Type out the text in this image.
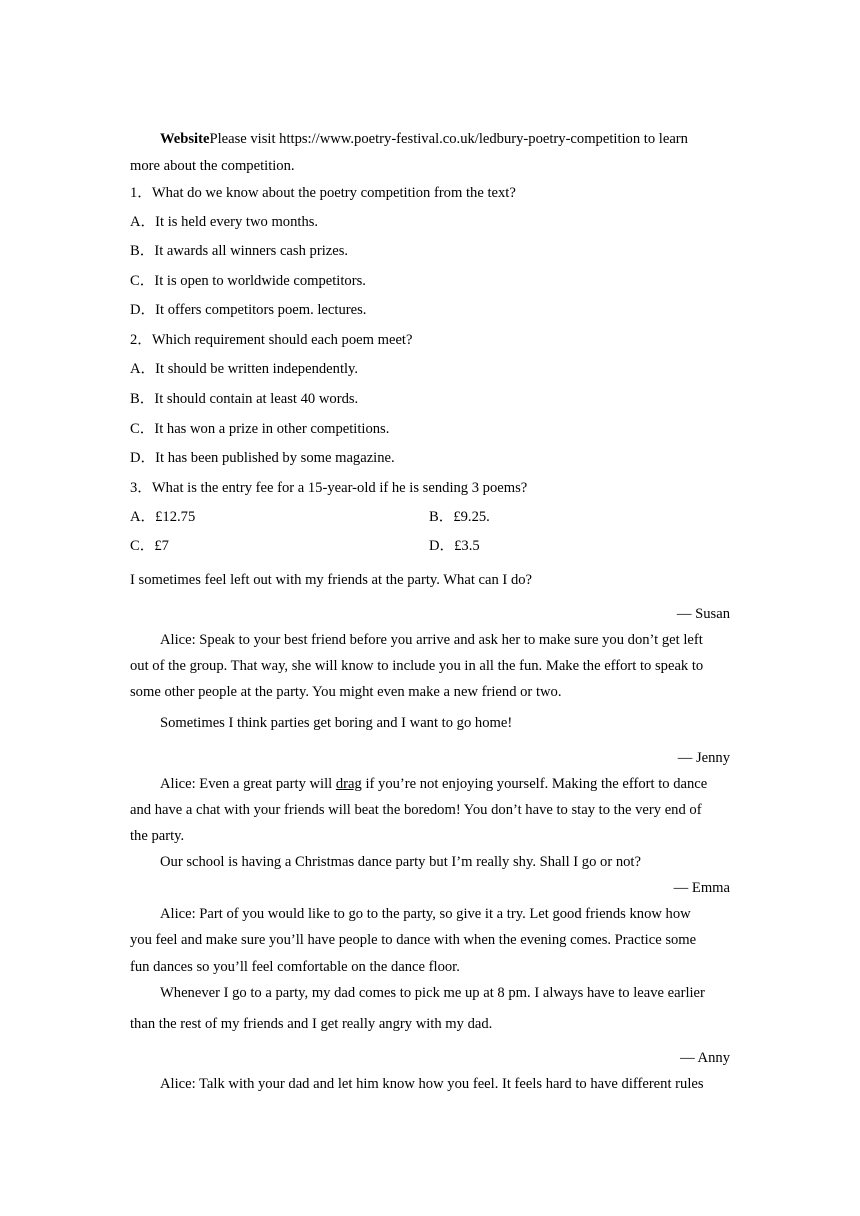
WebsitePlease visit https://www.poetry-festival.co.uk/ledbury-poetry-competition to learn
more about the competition.
1．What do we know about the poetry competition from the text?
A．It is held every two months.
B．It awards all winners cash prizes.
C．It is open to worldwide competitors.
D．It offers competitors poem. lectures.
2．Which requirement should each poem meet?
A．It should be written independently.
B．It should contain at least 40 words.
C．It has won a prize in other competitions.
D．It has been published by some magazine.
3．What is the entry fee for a 15-year-old if he is sending 3 poems?
A．£12.75	B．£9.25.
C．£7	D．£3.5
I sometimes feel left out with my friends at the party. What can I do?
— Susan
Alice: Speak to your best friend before you arrive and ask her to make sure you don’t get left
out of the group. That way, she will know to include you in all the fun. Make the effort to speak to
some other people at the party. You might even make a new friend or two.
Sometimes I think parties get boring and I want to go home!
— Jenny
Alice: Even a great party will drag if you’re not enjoying yourself. Making the effort to dance
and have a chat with your friends will beat the boredom! You don’t have to stay to the very end of
the party.
Our school is having a Christmas dance party but I’m really shy. Shall I go or not?
— Emma
Alice: Part of you would like to go to the party, so give it a try. Let good friends know how
you feel and make sure you’ll have people to dance with when the evening comes. Practice some
fun dances so you’ll feel comfortable on the dance floor.
Whenever I go to a party, my dad comes to pick me up at 8 pm. I always have to leave earlier
than the rest of my friends and I get really angry with my dad.
— Anny
Alice: Talk with your dad and let him know how you feel. It feels hard to have different rules
